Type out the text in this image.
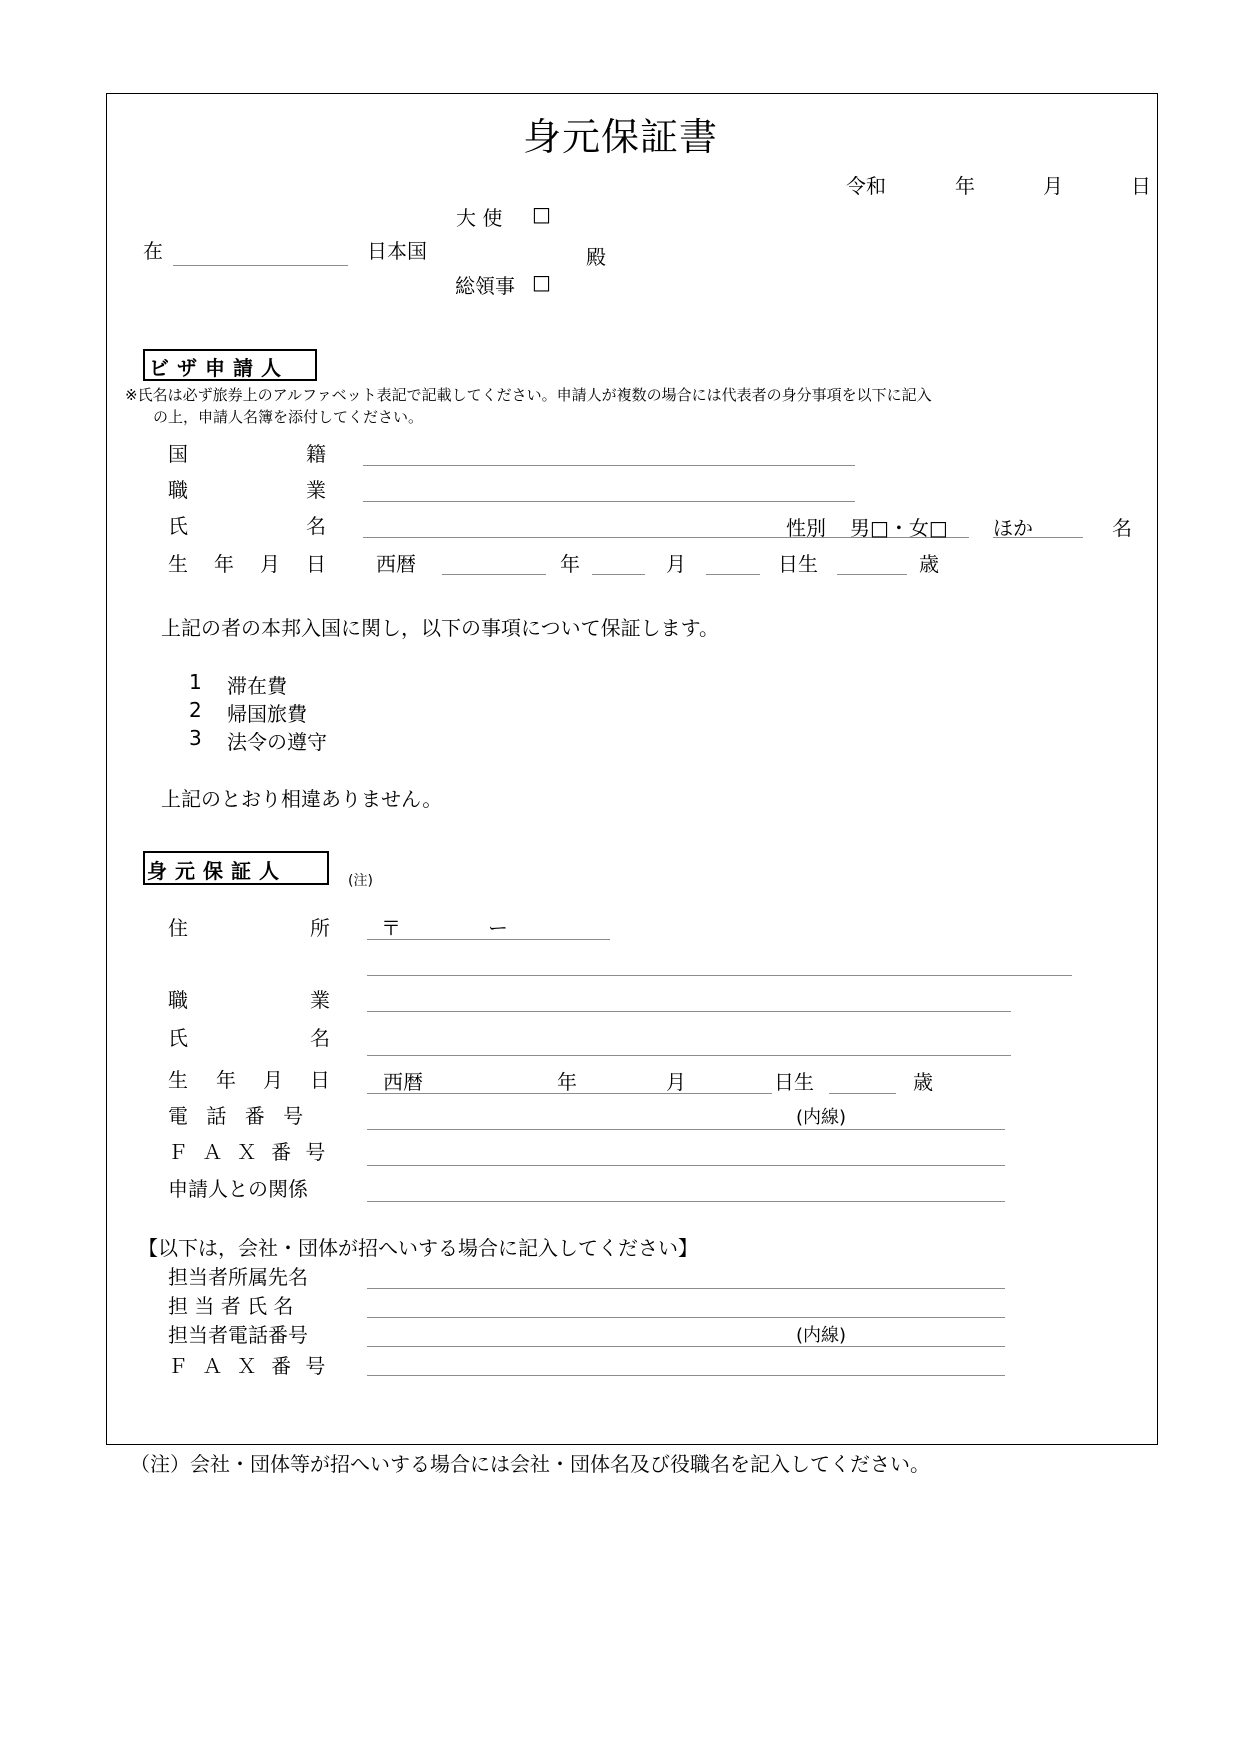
身元保証書
令和	年	月	日
大 使 □
在	日本国	殿
総領事 □
ビザ申請人
※氏名は必ず旅券上のアルファベット表記で記載してください。申請人が複数の場合には代表者の身分事項を以下に記入
の上，申請人名簿を添付してください。
国	籍
職	業
氏	名	性別 男□・女□ ほか	名
生 年 月 日	西暦	年	月	日生	歳
上記の者の本邦入国に関し，以下の事項について保証します。
1 滞在費
2 帰国旅費
3 法令の遵守
上記のとおり相違ありません。
身元保証人	(注)
住	所	〒	ー
職	業
氏	名
生 年 月 日	西暦	年	月	日生	歳
電 話 番 号	(内線)
Ｆ Ａ Ｘ 番 号
申請人との関係
【以下は，会社・団体が招へいする場合に記入してください】
担当者所属先名
担 当 者 氏 名
担当者電話番号	(内線)
Ｆ Ａ Ｘ 番 号
（注）会社・団体等が招へいする場合には会社・団体名及び役職名を記入してください。
